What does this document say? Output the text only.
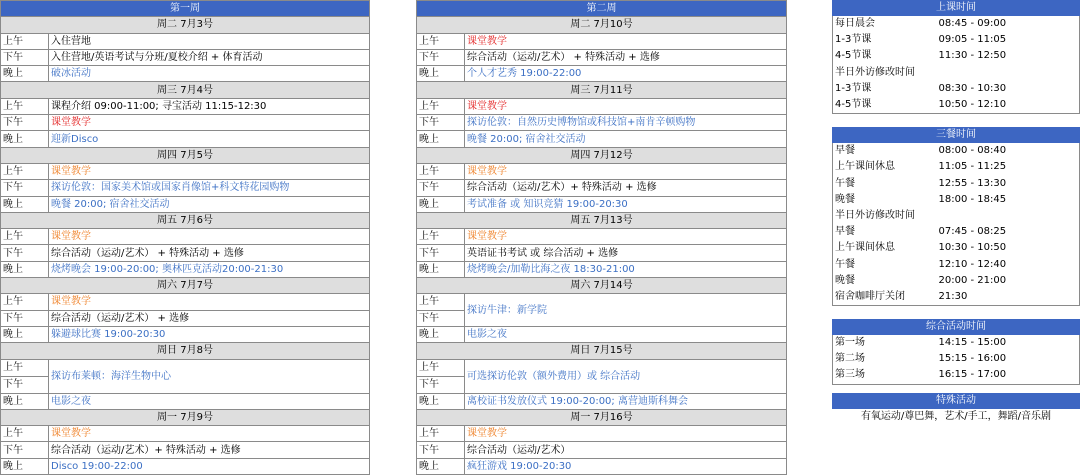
第一周	
周二 7月3号	
上午	入住营地
下午	入住营地/英语考试与分班/夏校介绍 + 体育活动
晚上	破冰活动
周三 7月4号	
上午	课程介绍 09:00-11:00; 寻宝活动 11:15-12:30
下午	课堂教学
晚上	迎新Disco
周四 7月5号	
上午	课堂教学
下午	探访伦敦：国家美术馆或国家肖像馆+科文特花园购物
晚上	晚餐 20:00; 宿舍社交活动
周五 7月6号	
上午	课堂教学
下午	综合活动（运动/艺术） + 特殊活动 + 选修
晚上	烧烤晚会 19:00-20:00; 奥林匹克活动20:00-21:30
周六 7月7号	
上午	课堂教学
下午	综合活动（运动/艺术） + 选修
晚上	躲避球比赛 19:00-20:30
周日 7月8号	
上午	探访布莱顿：海洋生物中心
下午	
晚上	电影之夜
周一 7月9号	
上午	课堂教学
下午	综合活动（运动/艺术）+ 特殊活动 + 选修
晚上	Disco 19:00-22:00
第二周	
周二 7月10号	
上午	课堂教学
下午	综合活动（运动/艺术） + 特殊活动 + 选修
晚上	个人才艺秀 19:00-22:00
周三 7月11号	
上午	课堂教学
下午	探访伦敦：自然历史博物馆或科技馆+南肯辛顿购物
晚上	晚餐 20:00; 宿舍社交活动
周四 7月12号	
上午	课堂教学
下午	综合活动（运动/艺术）+ 特殊活动 + 选修
晚上	考试准备 或 知识竞猜 19:00-20:30
周五 7月13号	
上午	课堂教学
下午	英语证书考试 或 综合活动 + 选修
晚上	烧烤晚会/加勒比海之夜 18:30-21:00
周六 7月14号	
上午	探访牛津：新学院
下午	
晚上	电影之夜
周日 7月15号	
上午	可选探访伦敦（额外费用）或 综合活动
下午	
晚上	离校证书发放仪式 19:00-20:00; 离营迪斯科舞会
周一 7月16号	
上午	课堂教学
下午	综合活动（运动/艺术）
晚上	疯狂游戏 19:00-20:30
上课时间
每日晨会	08:45 - 09:00
1-3节课	09:05 - 11:05
4-5节课	11:30 - 12:50
半日外访修改时间	
1-3节课	08:30 - 10:30
4-5节课	10:50 - 12:10
三餐时间
早餐	08:00 - 08:40
上午课间休息	11:05 - 11:25
午餐	12:55 - 13:30
晚餐	18:00 - 18:45
半日外访修改时间	
早餐	07:45 - 08:25
上午课间休息	10:30 - 10:50
午餐	12:10 - 12:40
晚餐	20:00 - 21:00
宿舍咖啡厅关闭	21:30
综合活动时间
第一场	14:15 - 15:00
第二场	15:15 - 16:00
第三场	16:15 - 17:00
特殊活动
有氧运动/尊巴舞，艺术/手工，舞蹈/音乐剧
